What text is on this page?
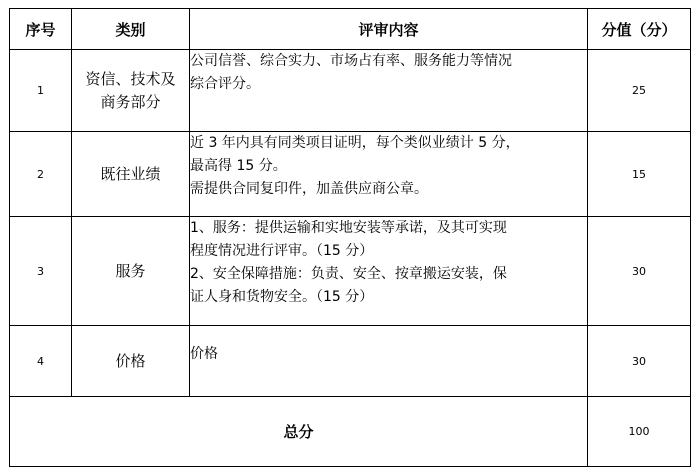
序号	类别	评审内容	分值（分）
1	资信、技术及商务部分	公司信誉、综合实力、市场占有率、服务能力等情况
综合评分。	25
2	既往业绩	近 3 年内具有同类项目证明，每个类似业绩计 5 分，
最高得 15 分。
需提供合同复印件，加盖供应商公章。	15
3	服务	1、服务：提供运输和实地安装等承诺，及其可实现
程度情况进行评审。（15 分）
2、安全保障措施：负责、安全、按章搬运安装，保
证人身和货物安全。（15 分）	30
4	价格	价格	30
总分			100
